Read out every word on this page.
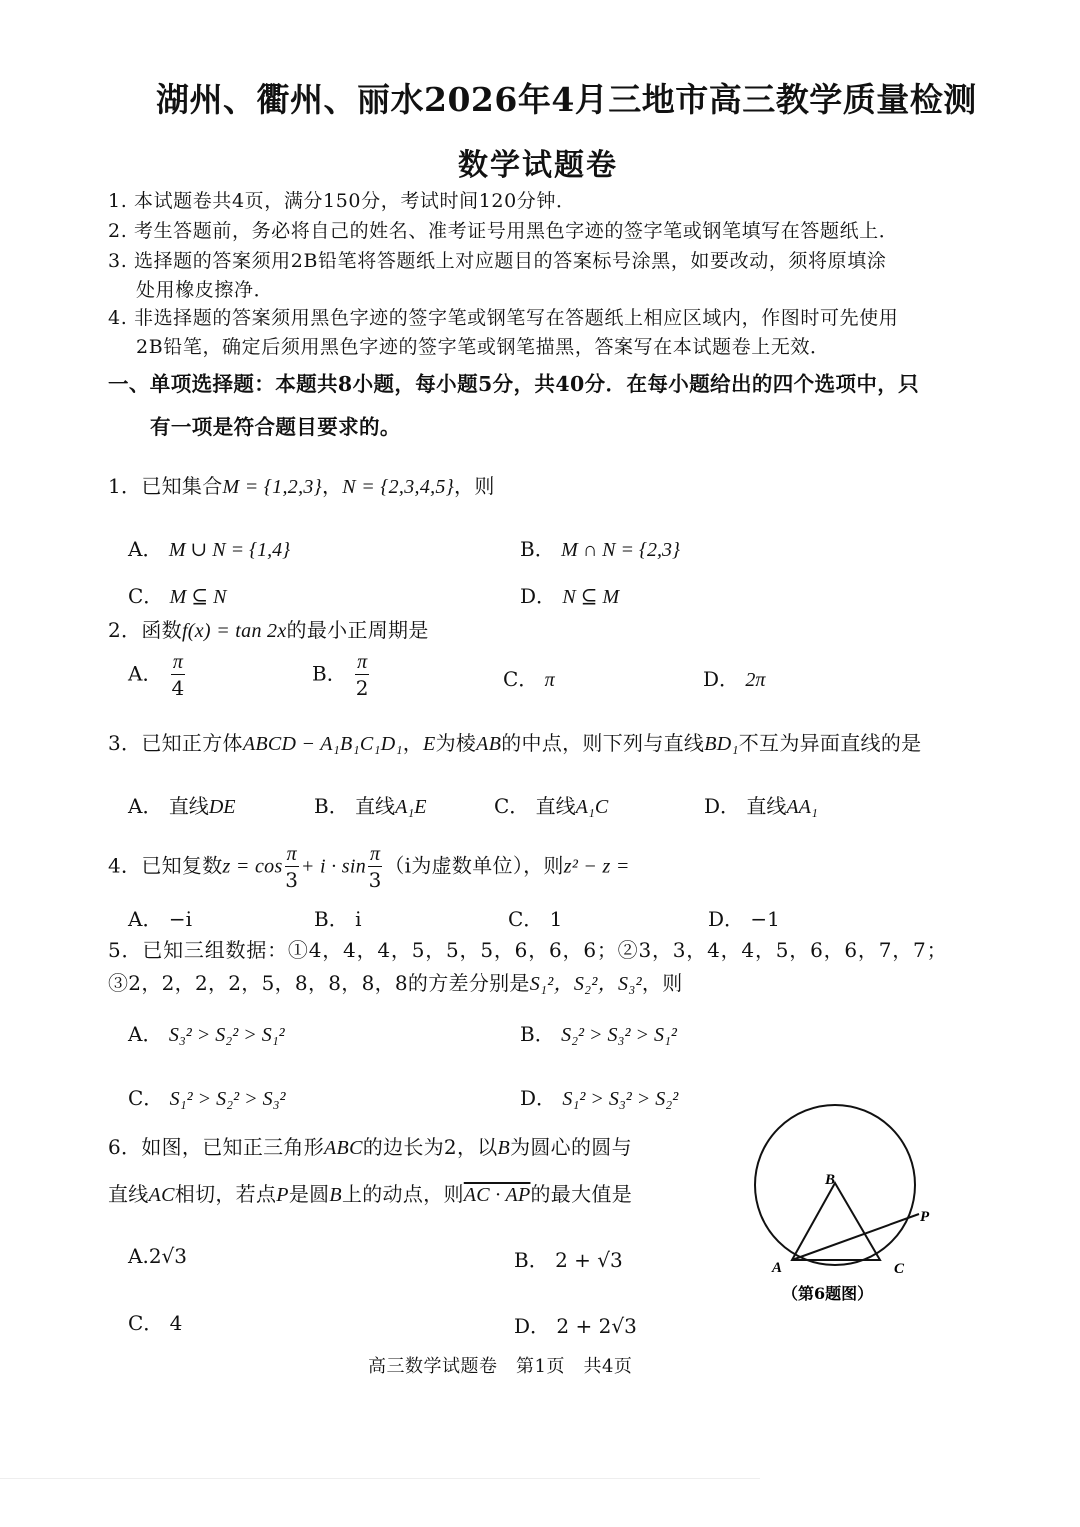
湖州、衢州、丽水2026年4月三地市高三教学质量检测
数学试题卷
1. 本试题卷共4页，满分150分，考试时间120分钟．
2. 考生答题前，务必将自己的姓名、准考证号用黑色字迹的签字笔或钢笔填写在答题纸上．
3. 选择题的答案须用2B铅笔将答题纸上对应题目的答案标号涂黑，如要改动，须将原填涂
处用橡皮擦净．
4. 非选择题的答案须用黑色字迹的签字笔或钢笔写在答题纸上相应区域内，作图时可先使用
2B铅笔，确定后须用黑色字迹的签字笔或钢笔描黑，答案写在本试题卷上无效．
一、单项选择题：本题共8小题，每小题5分，共40分．在每小题给出的四个选项中，只
有一项是符合题目要求的。
1．已知集合M = {1,2,3}，N = {2,3,4,5}，则
A． M ∪ N = {1,4}	B． M ∩ N = {2,3}
C． M ⊆ N	D． N ⊆ M
2．函数f(x) = tan 2x的最小正周期是
A． $\frac{\pi}{4}$	B． $\frac{\pi}{2}$	C． π	D． 2π
3．已知正方体ABCD − A₁B₁C₁D₁，E为棱AB的中点，则下列与直线BD₁不互为异面直线的是
A． 直线DE	B． 直线A₁E	C． 直线A₁C	D． 直线AA₁
4．已知复数$z = \cos \frac{\pi}{3} + i \cdot \sin \frac{\pi}{3} (i$为虚数单位），则z² − z =
A． −i	B． i	C． 1	D． −1
5．已知三组数据：①4，4，4，5，5，5，6，6，6；②3，3，4，4，5，6，6，7，7；
③2，2，2，2，5，8，8，8，8的方差分别是S₁²，S₂²，S₃²，则
A． S₃² > S₂² > S₁²	B． S₂² > S₃² > S₁²
C． S₁² > S₂² > S₃²	D． S₁² > S₃² > S₂²
6．如图，已知正三角形ABC的边长为2，以B为圆心的圆与
直线AC相切，若点P是圆B上的动点，则AC · AP的最大值是
A.2√3	B． 2 + √3
C． 4	D． 2 + 2√3
B
A	C
P
（第6题图）
高三数学试题卷　第1页　共4页
